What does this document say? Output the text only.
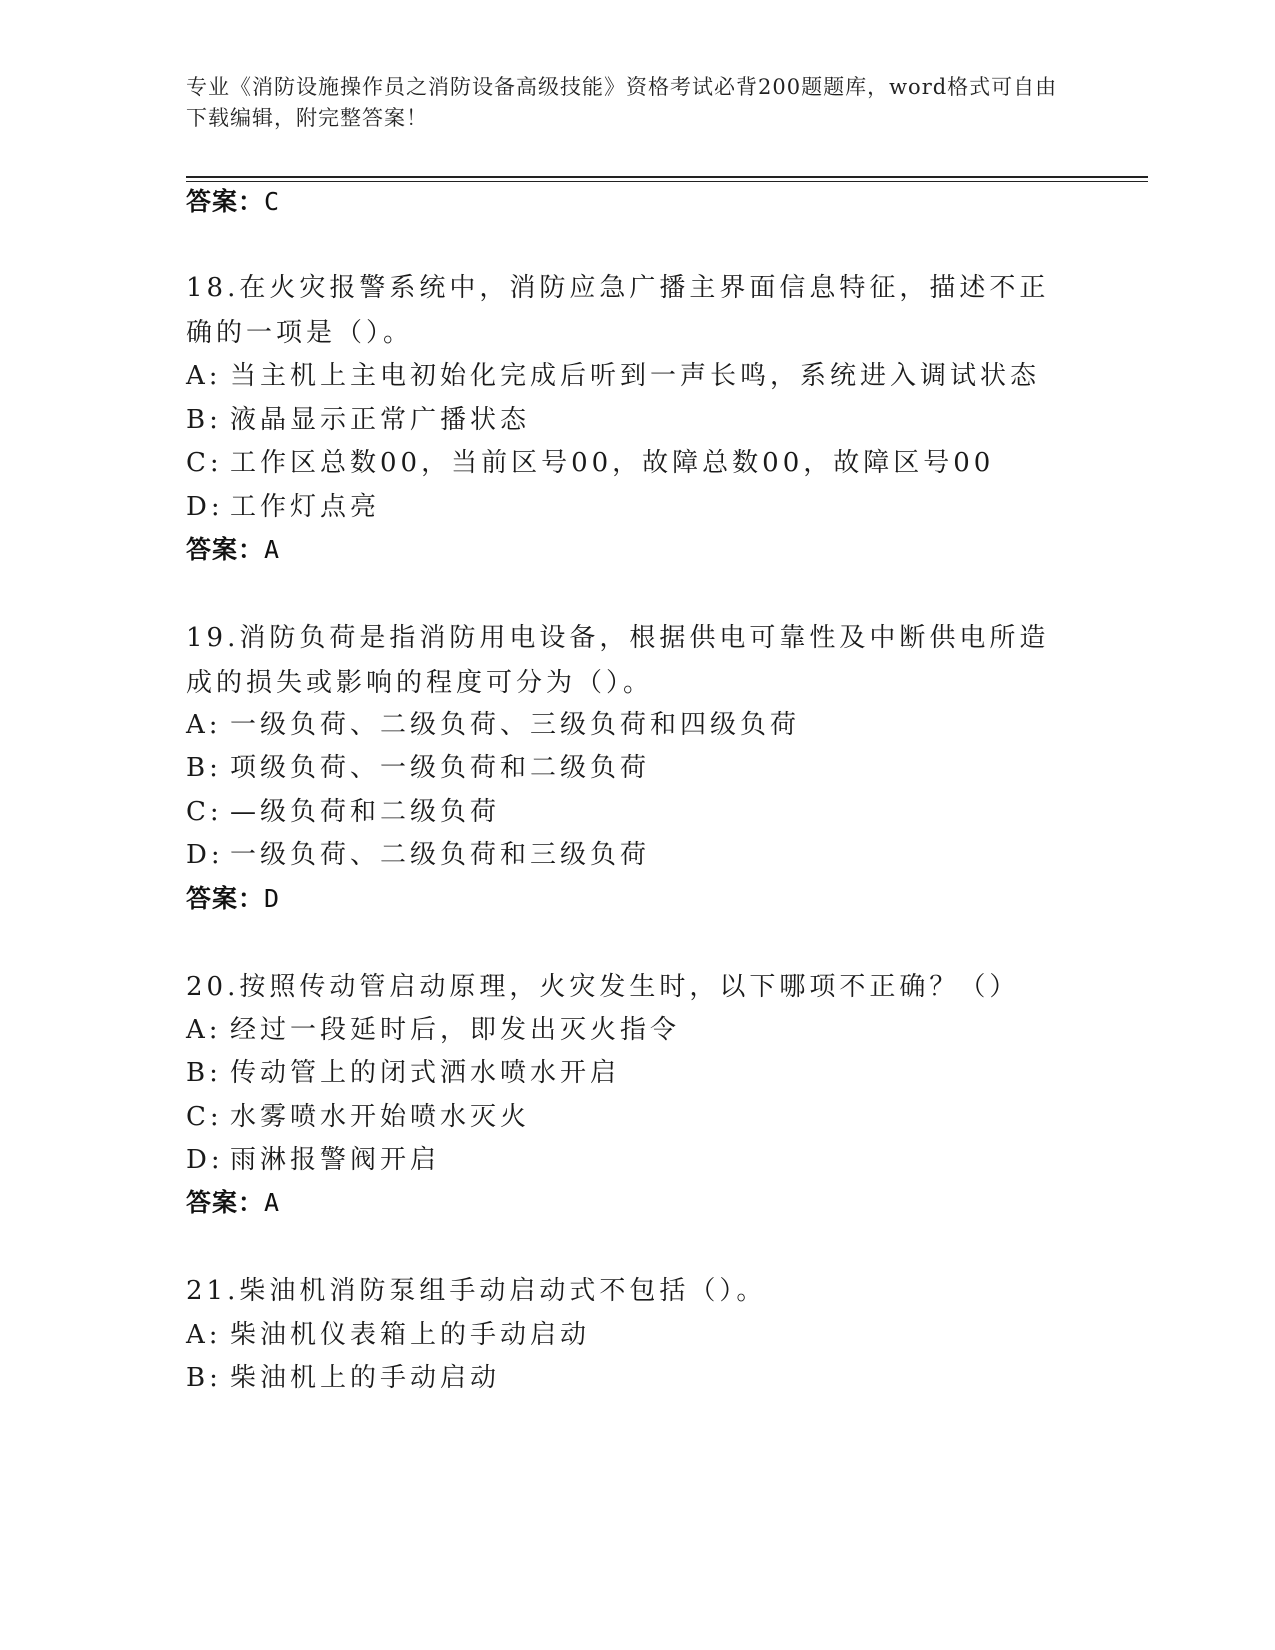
专业《消防设施操作员之消防设备高级技能》资格考试必背200题题库，word格式可自由下载编辑，附完整答案！
答案：C
18.在火灾报警系统中，消防应急广播主界面信息特征，描述不正确的一项是（）。
A: 当主机上主电初始化完成后听到一声长鸣，系统进入调试状态
B: 液晶显示正常广播状态
C: 工作区总数00，当前区号00，故障总数00，故障区号00
D: 工作灯点亮
答案：A
19.消防负荷是指消防用电设备，根据供电可靠性及中断供电所造成的损失或影响的程度可分为（）。
A: 一级负荷、二级负荷、三级负荷和四级负荷
B: 项级负荷、一级负荷和二级负荷
C: —级负荷和二级负荷
D: 一级负荷、二级负荷和三级负荷
答案：D
20.按照传动管启动原理，火灾发生时，以下哪项不正确？（）
A: 经过一段延时后，即发出灭火指令
B: 传动管上的闭式洒水喷水开启
C: 水雾喷水开始喷水灭火
D: 雨淋报警阀开启
答案：A
21.柴油机消防泵组手动启动式不包括（）。
A: 柴油机仪表箱上的手动启动
B: 柴油机上的手动启动
